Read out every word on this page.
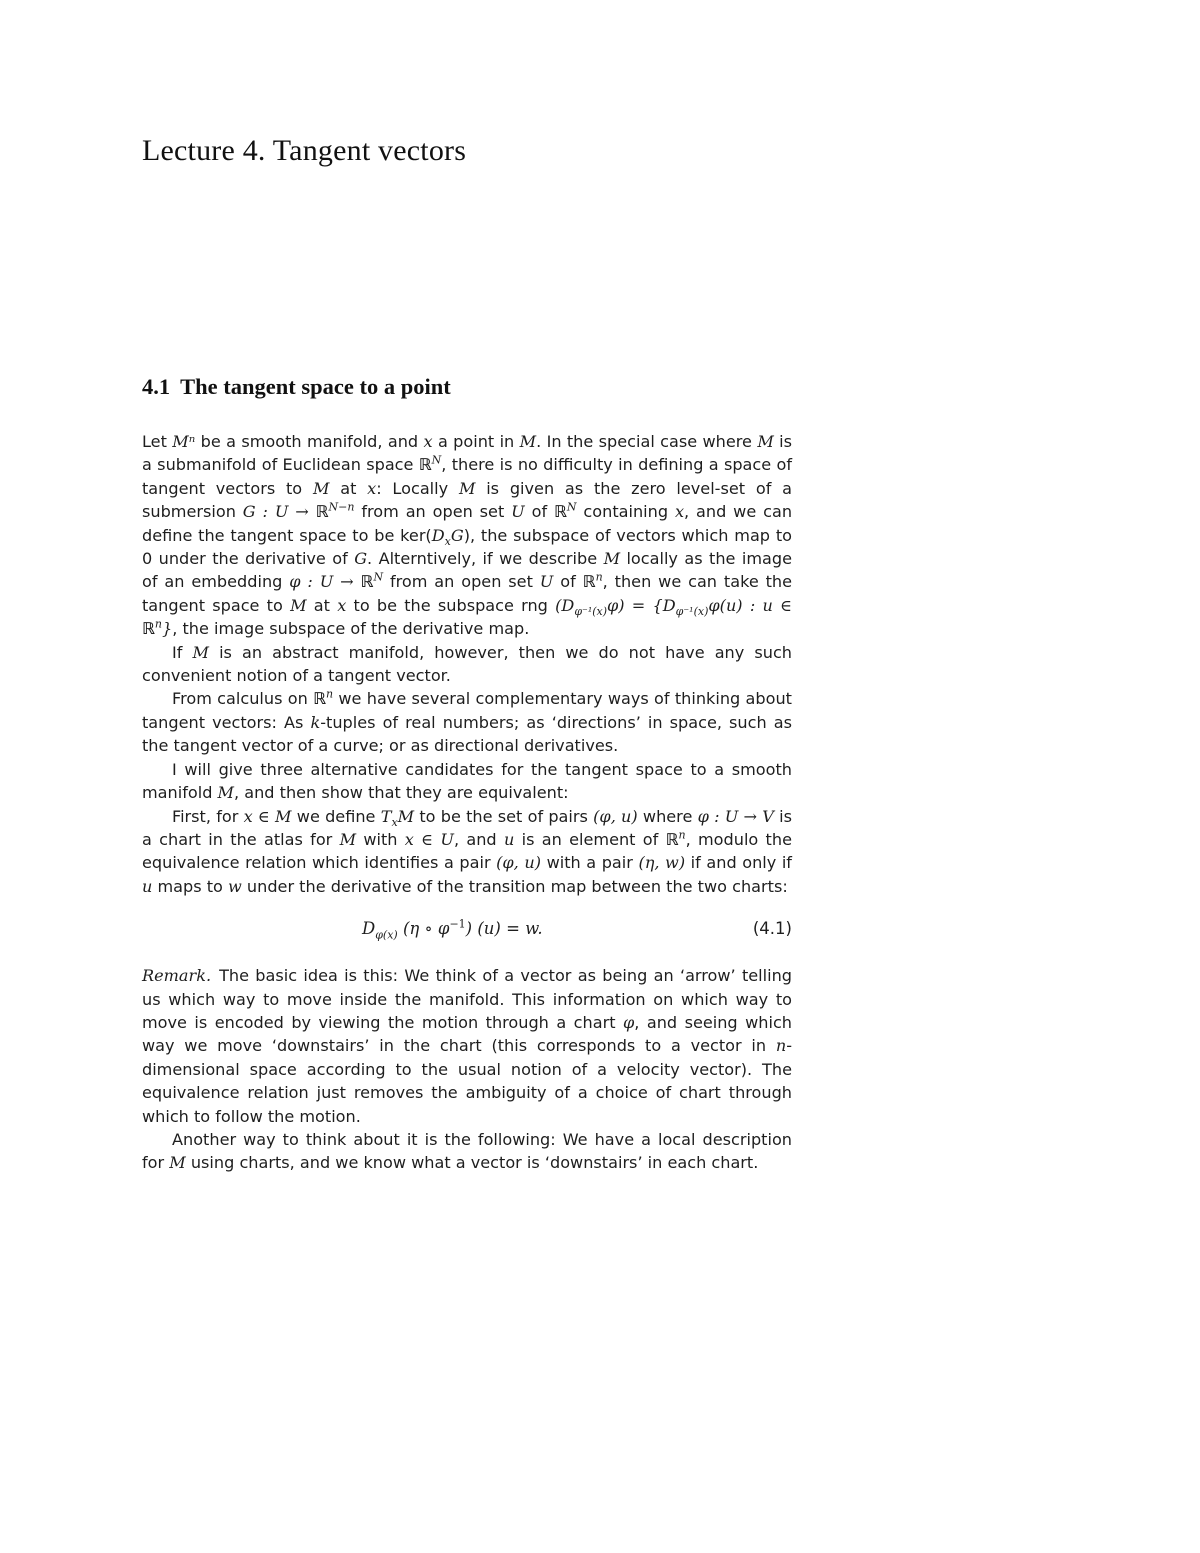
Lecture 4. Tangent vectors
4.1 The tangent space to a point

Let Mⁿ be a smooth manifold, and x a point in M. In the special case where M is a submanifold of Euclidean space ℝ$^N$, there is no difficulty in defining a space of tangent vectors to M at x: Locally M is given as the zero level-set of a submersion G : U → ℝ$^{N-n}$ from an open set U of ℝ$^N$ containing x, and we can define the tangent space to be $ker(D_xG)$, the subspace of vectors which map to 0 under the derivative of G. Alterntively, if we describe M locally as the image of an embedding φ : U → ℝ$^N$ from an open set U of ℝ$^n$, then we can take the tangent space to M at x to be the subspace rng $(D_{\varphi^{-1}(x)}\varphi) = \{D_{\varphi^{-1}(x)}\varphi(u)$ : u ∈ ℝ$^n$}, the image subspace of the derivative map.

If M is an abstract manifold, however, then we do not have any such convenient notion of a tangent vector.

From calculus on ℝ$^n$ we have several complementary ways of thinking about tangent vectors: As k-tuples of real numbers; as ‘directions’ in space, such as the tangent vector of a curve; or as directional derivatives.

I will give three alternative candidates for the tangent space to a smooth manifold M, and then show that they are equivalent:

First, for x ∈ M we define $T_xM$ to be the set of pairs (φ, u) where φ : U → V is a chart in the atlas for M with x ∈ U, and u is an element of ℝ$^n$, modulo the equivalence relation which identifies a pair (φ, u) with a pair (η, w) if and only if u maps to w under the derivative of the transition map between the two charts:

$D_{\varphi(x)}$ (η ∘ $\varphi^{-1}$) (u) = w.	(4.1)

Remark. The basic idea is this: We think of a vector as being an ‘arrow’ telling us which way to move inside the manifold. This information on which way to move is encoded by viewing the motion through a chart φ, and seeing which way we move ‘downstairs’ in the chart (this corresponds to a vector in n-dimensional space according to the usual notion of a velocity vector). The equivalence relation just removes the ambiguity of a choice of chart through which to follow the motion.

Another way to think about it is the following: We have a local description for M using charts, and we know what a vector is ‘downstairs’ in each chart.
